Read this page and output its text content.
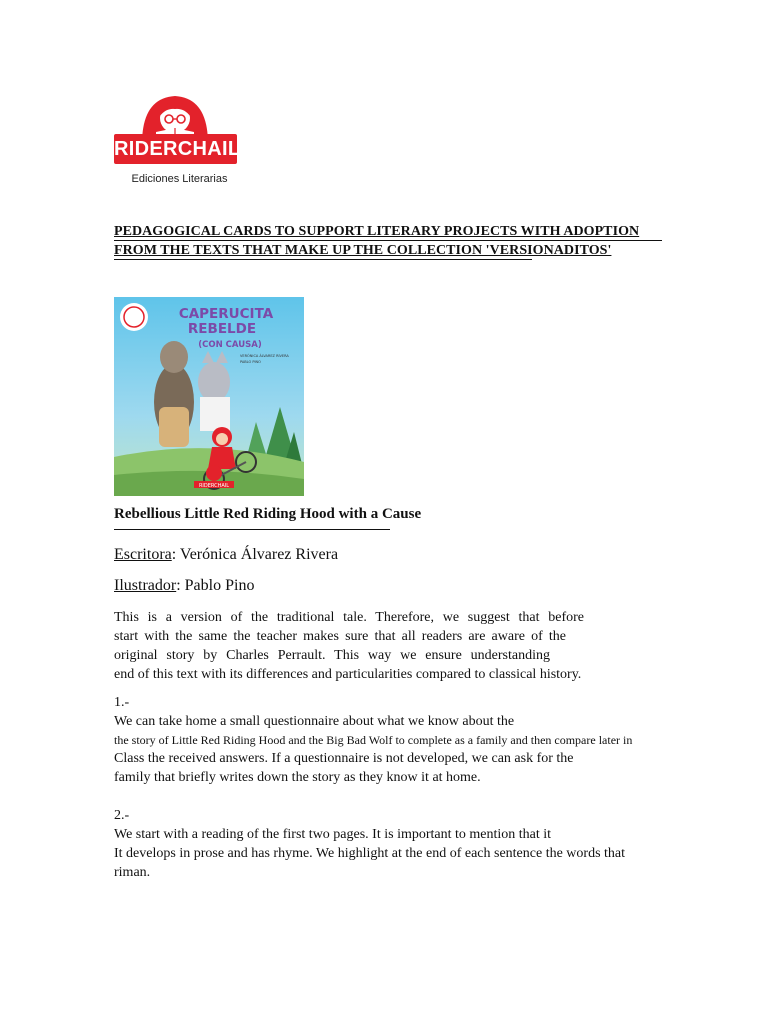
RIDERCHAIL
Ediciones Literarias
PEDAGOGICAL CARDS TO SUPPORT LITERARY PROJECTS WITH ADOPTION
FROM THE TEXTS THAT MAKE UP THE COLLECTION 'VERSIONADITOS'
RIDERCHAIL
CAPERUCITA
REBELDE
(CON CAUSA)
VERÓNICA ÁLVAREZ RIVERA
PABLO PINO
Rebellious Little Red Riding Hood with a Cause
Escritora: Verónica Álvarez Rivera
Ilustrador: Pablo Pino
This is a version of the traditional tale. Therefore, we suggest that before
start with the same the teacher makes sure that all readers are aware of the
original story by Charles Perrault. This way we ensure understanding
end of this text with its differences and particularities compared to classical history.
1.-
We can take home a small questionnaire about what we know about the
the story of Little Red Riding Hood and the Big Bad Wolf to complete as a family and then compare later in
Class the received answers. If a questionnaire is not developed, we can ask for the
family that briefly writes down the story as they know it at home.
2.-
We start with a reading of the first two pages. It is important to mention that it
It develops in prose and has rhyme. We highlight at the end of each sentence the words that
riman.
